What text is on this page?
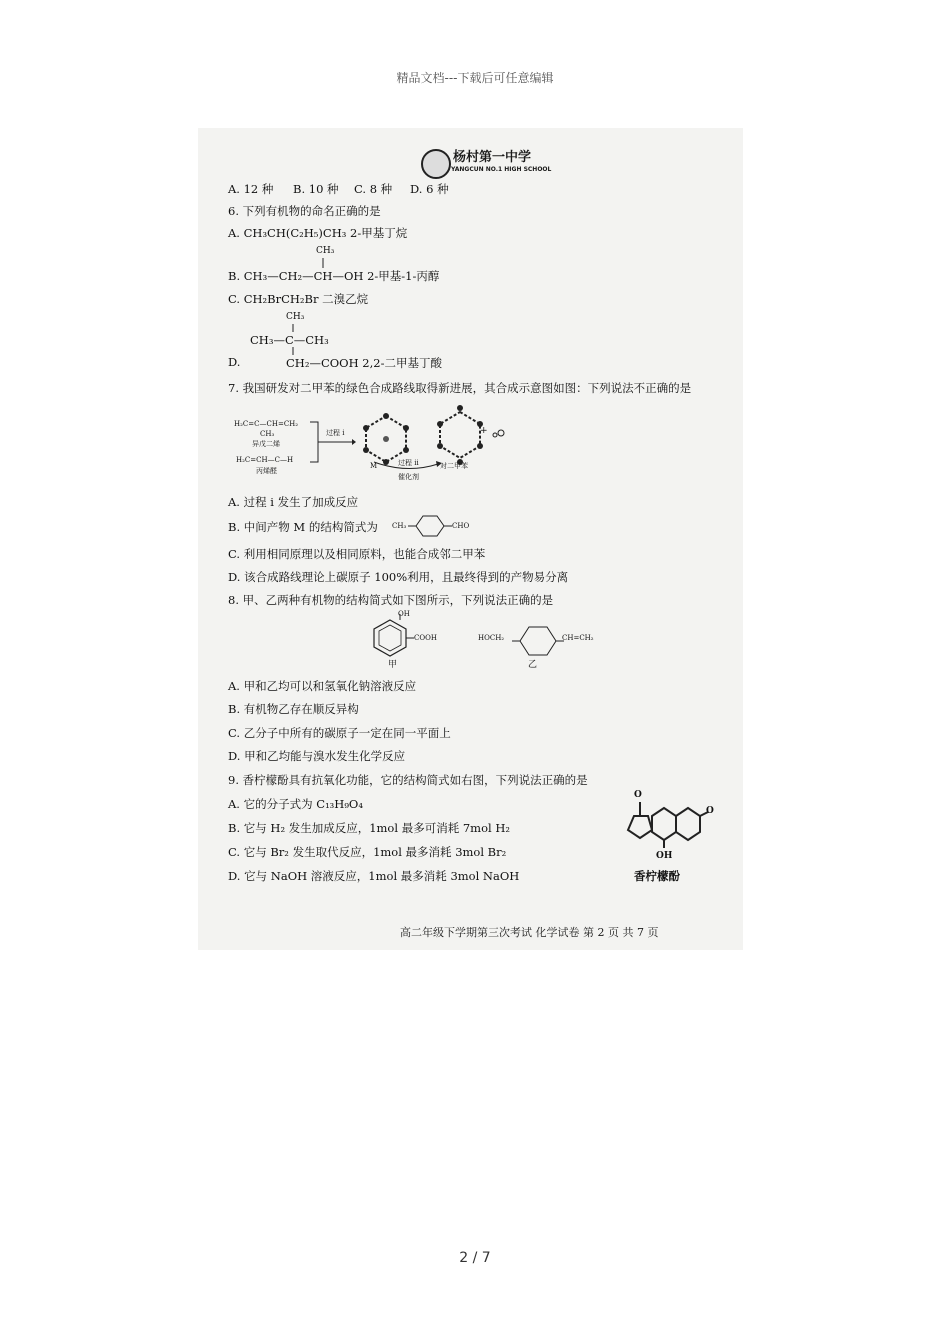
精品文档---下载后可任意编辑
杨村第一中学
YANGCUN NO.1 HIGH SCHOOL
A. 12 种 B. 10 种 C. 8 种 D. 6 种
6. 下列有机物的命名正确的是
A. CH₃CH(C₂H₅)CH₃ 2-甲基丁烷
CH₃
B. CH₃—CH₂—CH—OH 2-甲基-1-丙醇
C. CH₂BrCH₂Br 二溴乙烷
CH₃
CH₃—C—CH₃
D.	CH₂—COOH 2,2-二甲基丁酸
7. 我国研发对二甲苯的绿色合成路线取得新进展，其合成示意图如图：下列说法不正确的是
H₂C=C—CH=CH₂
CH₃
异戊二烯
H₂C=CH—C—H
丙烯醛
过程 i
M
+
过程 ii
催化剂
对二甲苯
A. 过程 i 发生了加成反应
B. 中间产物 M 的结构简式为 CH₃	CHO
C. 利用相同原理以及相同原料，也能合成邻二甲苯
D. 该合成路线理论上碳原子 100%利用，且最终得到的产物易分离
8. 甲、乙两种有机物的结构简式如下图所示，下列说法正确的是
OH
COOH
甲
HOCH₂	CH=CH₂
乙
A. 甲和乙均可以和氢氧化钠溶液反应
B. 有机物乙存在顺反异构
C. 乙分子中所有的碳原子一定在同一平面上
D. 甲和乙均能与溴水发生化学反应
9. 香柠檬酚具有抗氧化功能，它的结构简式如右图，下列说法正确的是
A. 它的分子式为 C₁₃H₉O₄
B. 它与 H₂ 发生加成反应，1mol 最多可消耗 7mol H₂
C. 它与 Br₂ 发生取代反应，1mol 最多消耗 3mol Br₂
D. 它与 NaOH 溶液反应，1mol 最多消耗 3mol NaOH
O
O
OH
香柠檬酚
高二年级下学期第三次考试 化学试卷 第 2 页 共 7 页
2 / 7
